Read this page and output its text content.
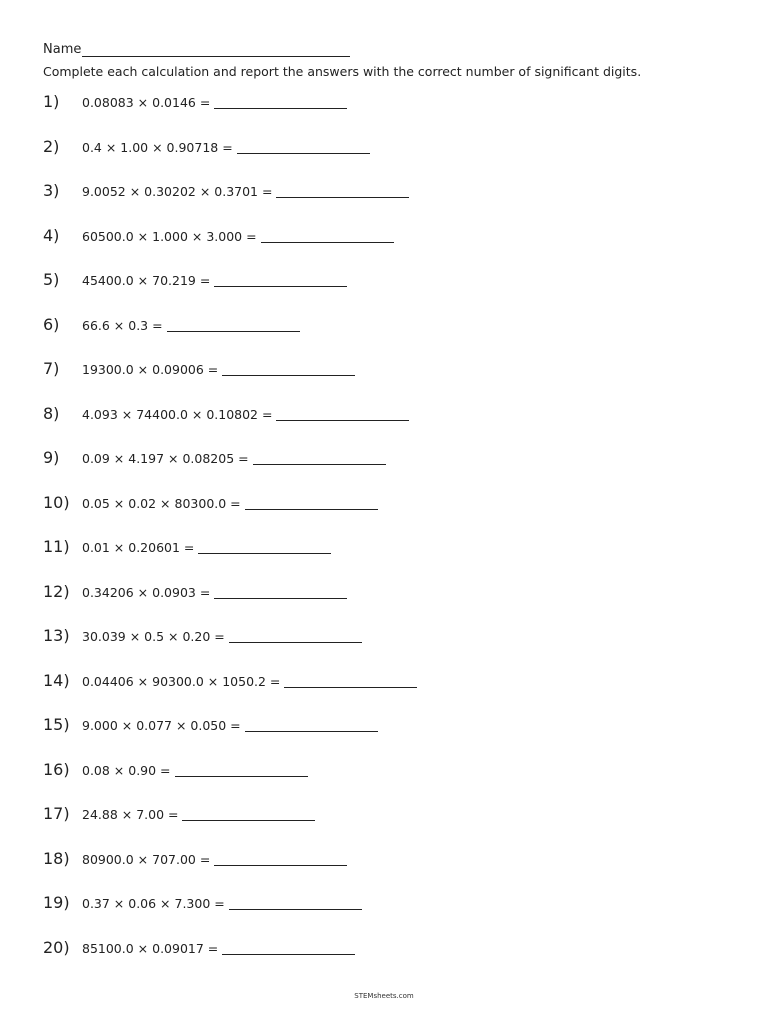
Name
Complete each calculation and report the answers with the correct number of significant digits.
1)	0.08083 × 0.0146 =
2)	0.4 × 1.00 × 0.90718 =
3)	9.0052 × 0.30202 × 0.3701 =
4)	60500.0 × 1.000 × 3.000 =
5)	45400.0 × 70.219 =
6)	66.6 × 0.3 =
7)	19300.0 × 0.09006 =
8)	4.093 × 74400.0 × 0.10802 =
9)	0.09 × 4.197 × 0.08205 =
10) 0.05 × 0.02 × 80300.0 =
11) 0.01 × 0.20601 =
12) 0.34206 × 0.0903 =
13) 30.039 × 0.5 × 0.20 =
14) 0.04406 × 90300.0 × 1050.2 =
15) 9.000 × 0.077 × 0.050 =
16) 0.08 × 0.90 =
17) 24.88 × 7.00 =
18) 80900.0 × 707.00 =
19) 0.37 × 0.06 × 7.300 =
20) 85100.0 × 0.09017 =
STEMsheets.com
